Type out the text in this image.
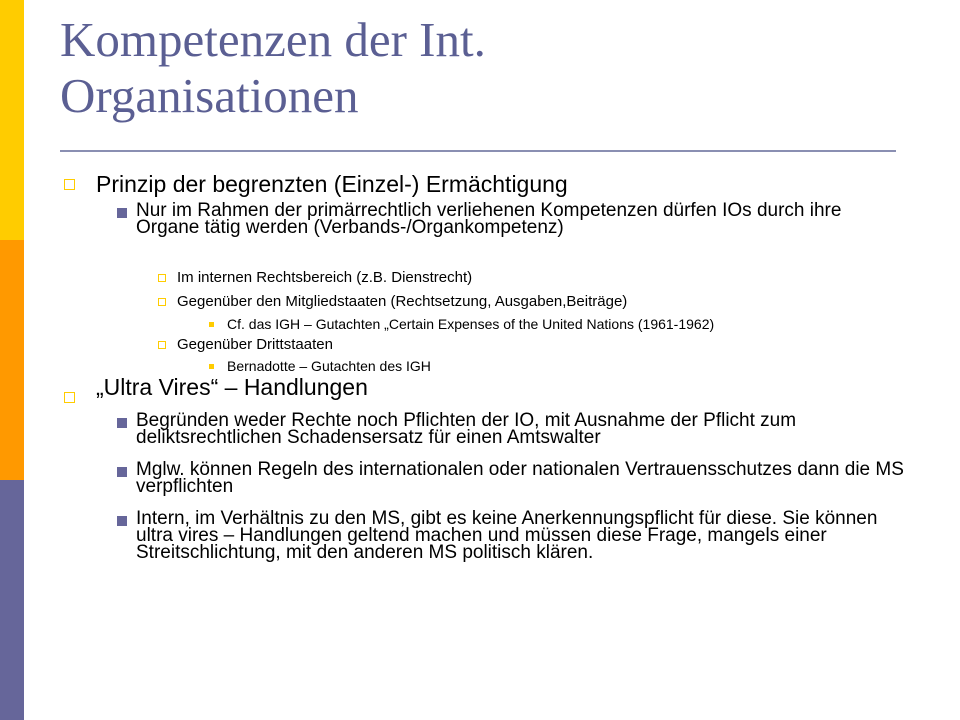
Kompetenzen der Int.
Organisationen
Prinzip der begrenzten (Einzel-) Ermächtigung
Nur im Rahmen der primärrechtlich verliehenen Kompetenzen dürfen IOs durch ihre Organe tätig werden (Verbands-/Organkompetenz)
Im internen Rechtsbereich (z.B. Dienstrecht)
Gegenüber den Mitgliedstaaten (Rechtsetzung, Ausgaben,Beiträge)
Cf. das IGH – Gutachten „Certain Expenses of the United Nations (1961-1962)
Gegenüber Drittstaaten
Bernadotte – Gutachten des IGH
„Ultra Vires“ – Handlungen
Begründen weder Rechte noch Pflichten der IO, mit Ausnahme der Pflicht zum deliktsrechtlichen Schadensersatz für einen Amtswalter
Mglw. können Regeln des internationalen oder nationalen Vertrauensschutzes dann die MS verpflichten
Intern, im Verhältnis zu den MS, gibt es keine Anerkennungspflicht für diese. Sie können ultra vires – Handlungen geltend machen und müssen diese Frage, mangels einer Streitschlichtung, mit den anderen MS politisch klären.
